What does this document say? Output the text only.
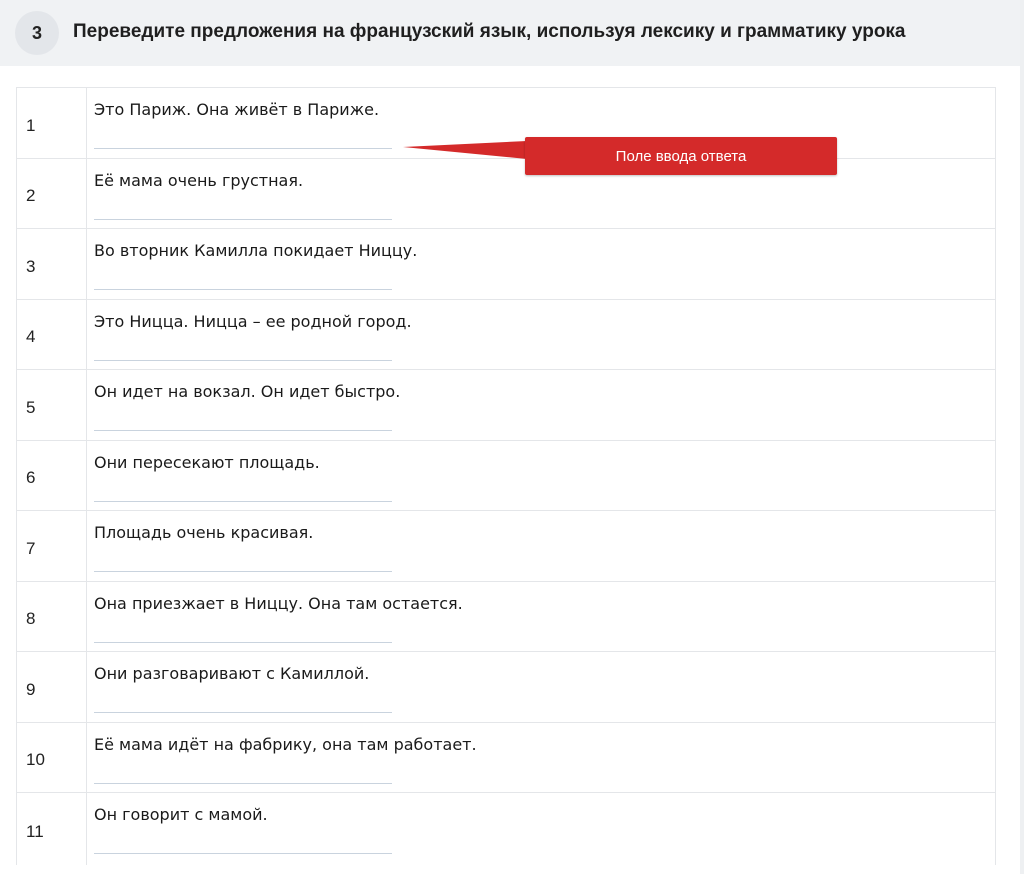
3	Переведите предложения на французский язык, используя лексику и грамматику урока
1
Это Париж. Она живёт в Париже.
2
Её мама очень грустная.
3
Во вторник Камилла покидает Ниццу.
4
Это Ницца. Ницца – ее родной город.
5
Он идет на вокзал. Он идет быстро.
6
Они пересекают площадь.
7
Площадь очень красивая.
8
Она приезжает в Ниццу. Она там остается.
9
Они разговаривают с Камиллой.
10
Её мама идёт на фабрику, она там работает.
11
Он говорит с мамой.
Поле ввода ответа
